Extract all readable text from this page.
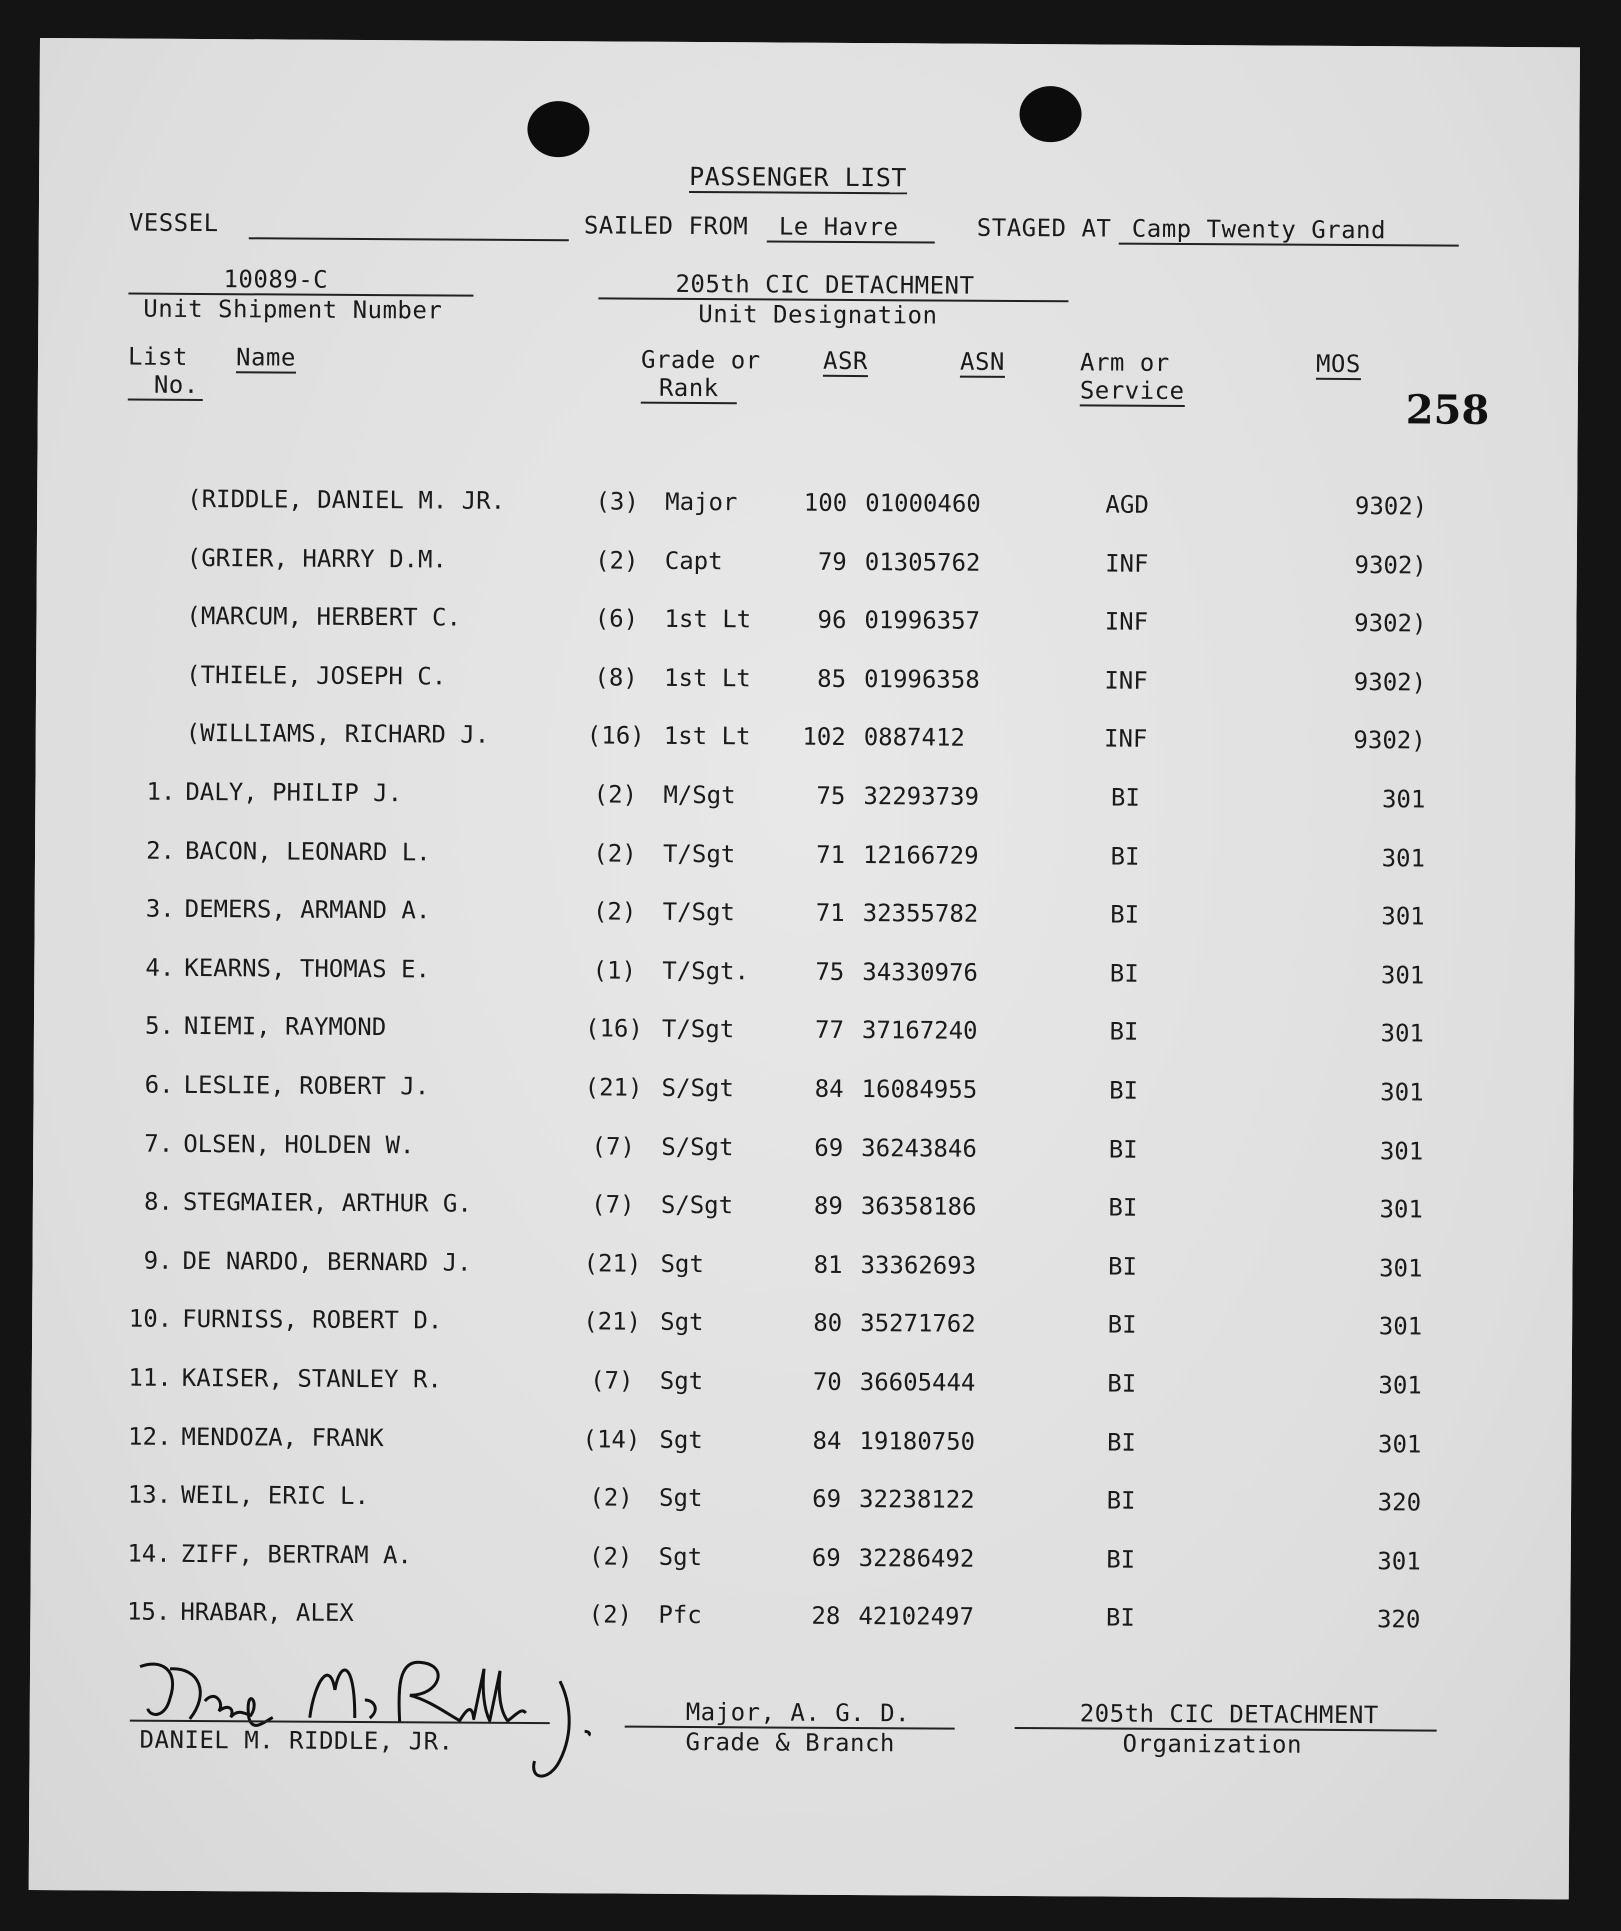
258
PASSENGER LIST
VESSEL	SAILED FROM Le Havre	STAGED AT Camp Twenty Grand
10089-C
Unit Shipment Number
205th CIC DETACHMENT
Unit Designation
List
No.
Name	Grade or
Rank
ASR	ASN	Arm or
Service
MOS
(RIDDLE, DANIEL M. JR.	(3)	Major	100 01000460	AGD	9302)
(GRIER, HARRY D.M.	(2)	Capt	79 01305762	INF	9302)
(MARCUM, HERBERT C.	(6)	1st Lt	96 01996357	INF	9302)
(THIELE, JOSEPH C.	(8)	1st Lt	85 01996358	INF	9302)
(WILLIAMS, RICHARD J.	(16) 1st Lt	102 0887412	INF	9302)
1. DALY, PHILIP J.	(2)	M/Sgt	75 32293739	BI	301
2. BACON, LEONARD L.	(2)	T/Sgt	71 12166729	BI	301
3. DEMERS, ARMAND A.	(2)	T/Sgt	71 32355782	BI	301
4. KEARNS, THOMAS E.	(1)	T/Sgt.	75 34330976	BI	301
5. NIEMI, RAYMOND	(16) T/Sgt	77 37167240	BI	301
6. LESLIE, ROBERT J.	(21) S/Sgt	84 16084955	BI	301
7. OLSEN, HOLDEN W.	(7)	S/Sgt	69 36243846	BI	301
8. STEGMAIER, ARTHUR G.	(7)	S/Sgt	89 36358186	BI	301
9. DE NARDO, BERNARD J.	(21) Sgt	81 33362693	BI	301
10. FURNISS, ROBERT D.	(21) Sgt	80 35271762	BI	301
11. KAISER, STANLEY R.	(7)	Sgt	70 36605444	BI	301
12. MENDOZA, FRANK	(14) Sgt	84 19180750	BI	301
13. WEIL, ERIC L.	(2)	Sgt	69 32238122	BI	320
14. ZIFF, BERTRAM A.	(2)	Sgt	69 32286492	BI	301
15. HRABAR, ALEX	(2)	Pfc	28 42102497	BI	320
DANIEL M. RIDDLE, JR.
Major, A. G. D.
Grade & Branch
205th CIC DETACHMENT
Organization
